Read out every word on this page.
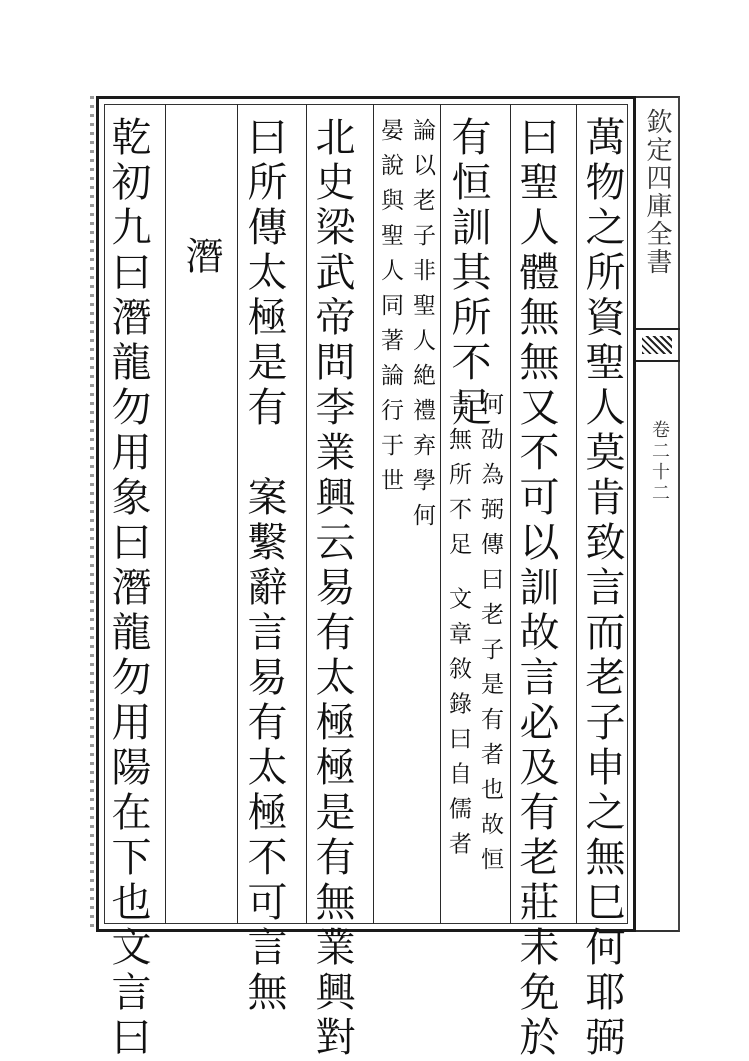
欽定四庫全書
卷二十二
萬物之所資聖人莫肯致言而老子申之無巳何耶弼
曰聖人體無無又不可以訓故言必及有老莊未免於
有恒訓其所不足
何劭為弼傳曰老子是有者也故恒
言無所不足 文章敘錄曰自儒者
論以老子非聖人絶禮弃學何
晏說與聖人同著論行于世
北史梁武帝問李業興云易有太極極是有無業興對
曰所傳太極是有　案繫辭言易有太極不可言無
潛
乾初九曰潛龍勿用象曰潛龍勿用陽在下也文言曰
